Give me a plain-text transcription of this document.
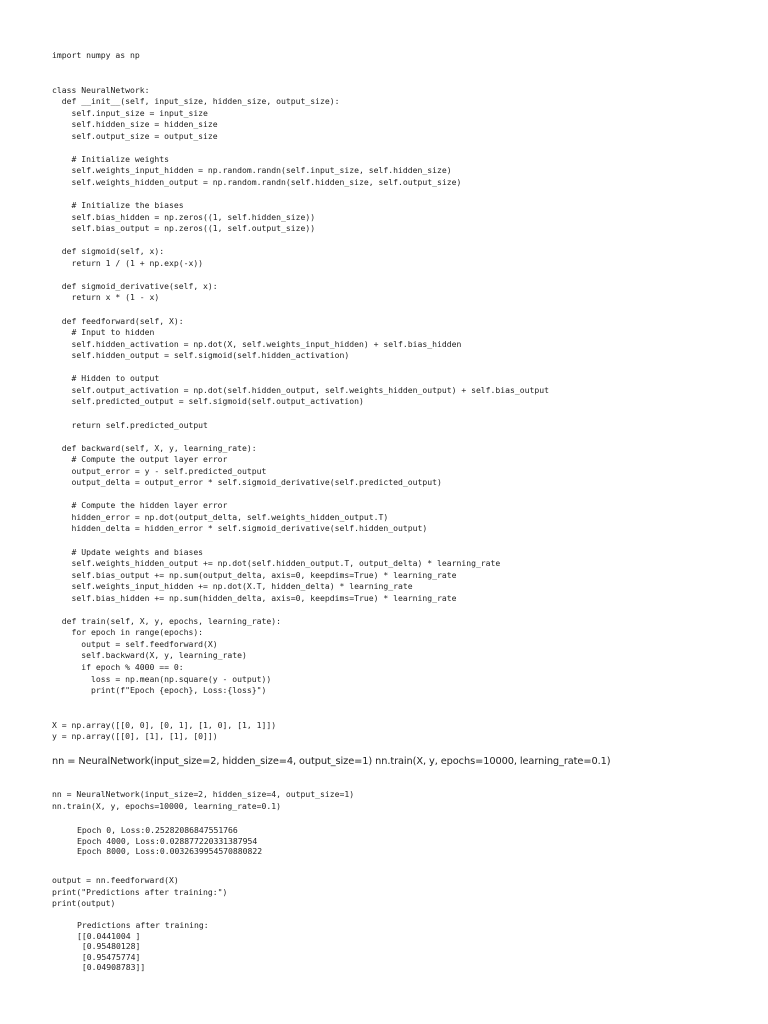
import numpy as np

class NeuralNetwork:
def __init__(self, input_size, hidden_size, output_size):
self.input_size = input_size
self.hidden_size = hidden_size
self.output_size = output_size

# Initialize weights
self.weights_input_hidden = np.random.randn(self.input_size, self.hidden_size)
self.weights_hidden_output = np.random.randn(self.hidden_size, self.output_size)

# Initialize the biases
self.bias_hidden = np.zeros((1, self.hidden_size))
self.bias_output = np.zeros((1, self.output_size))

def sigmoid(self, x):
return 1 / (1 + np.exp(-x))

def sigmoid_derivative(self, x):
return x * (1 - x)

def feedforward(self, X):
# Input to hidden
self.hidden_activation = np.dot(X, self.weights_input_hidden) + self.bias_hidden
self.hidden_output = self.sigmoid(self.hidden_activation)

# Hidden to output
self.output_activation = np.dot(self.hidden_output, self.weights_hidden_output) + self.bias_output
self.predicted_output = self.sigmoid(self.output_activation)

return self.predicted_output

def backward(self, X, y, learning_rate):
# Compute the output layer error
output_error = y - self.predicted_output
output_delta = output_error * self.sigmoid_derivative(self.predicted_output)

# Compute the hidden layer error
hidden_error = np.dot(output_delta, self.weights_hidden_output.T)
hidden_delta = hidden_error * self.sigmoid_derivative(self.hidden_output)

# Update weights and biases
self.weights_hidden_output += np.dot(self.hidden_output.T, output_delta) * learning_rate
self.bias_output += np.sum(output_delta, axis=0, keepdims=True) * learning_rate
self.weights_input_hidden += np.dot(X.T, hidden_delta) * learning_rate
self.bias_hidden += np.sum(hidden_delta, axis=0, keepdims=True) * learning_rate

def train(self, X, y, epochs, learning_rate):
for epoch in range(epochs):
output = self.feedforward(X)
self.backward(X, y, learning_rate)
if epoch % 4000 == 0:
loss = np.mean(np.square(y - output))
print(f"Epoch {epoch}, Loss:{loss}")

X = np.array([[0, 0], [0, 1], [1, 0], [1, 1]])
y = np.array([[0], [1], [1], [0]])
nn = NeuralNetwork(input_size=2, hidden_size=4, output_size=1) nn.train(X, y, epochs=10000, learning_rate=0.1)
nn = NeuralNetwork(input_size=2, hidden_size=4, output_size=1)
nn.train(X, y, epochs=10000, learning_rate=0.1)
Epoch 0, Loss:0.25282086847551766
Epoch 4000, Loss:0.028877220331387954
Epoch 8000, Loss:0.0032639954570880822
output = nn.feedforward(X)
print("Predictions after training:")
print(output)
Predictions after training:
[[0.0441004 ]
[0.95480128]
[0.95475774]
[0.04908783]]
